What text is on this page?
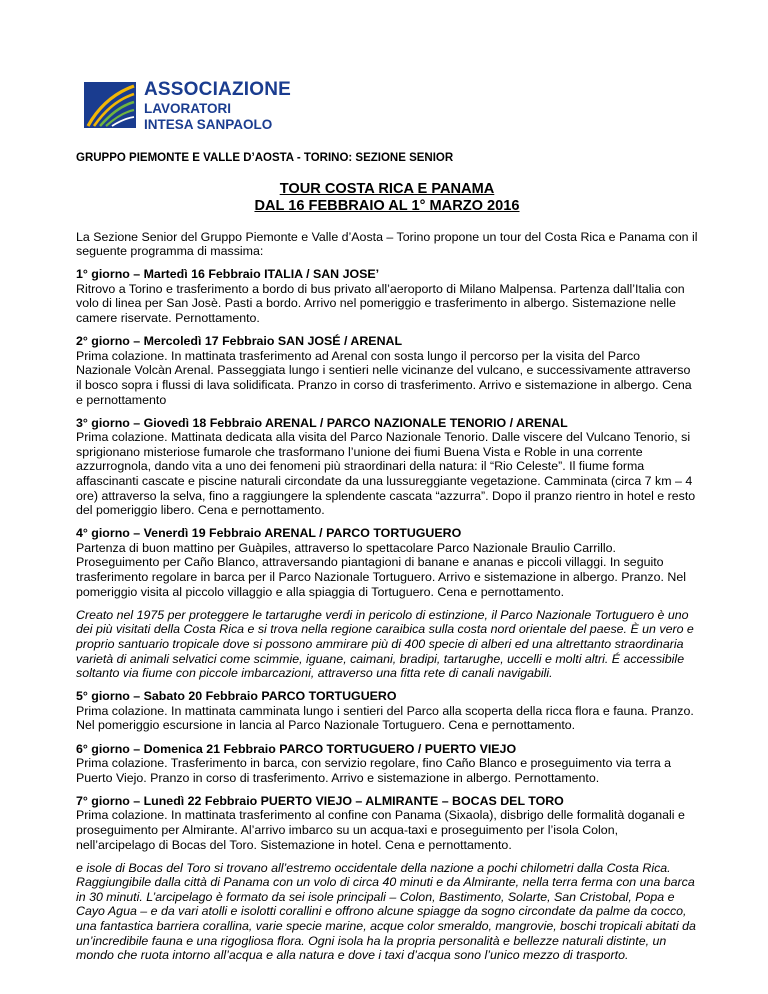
ASSOCIAZIONE
LAVORATORI
INTESA SANPAOLO
GRUPPO PIEMONTE E VALLE D’AOSTA - TORINO: SEZIONE SENIOR
TOUR COSTA RICA E PANAMA
DAL 16 FEBBRAIO AL 1° MARZO 2016

La Sezione Senior del Gruppo Piemonte e Valle d’Aosta – Torino propone un tour del Costa Rica e Panama con il seguente programma di massima:

1° giorno – Martedì 16 Febbraio ITALIA / SAN JOSE’
Ritrovo a Torino e trasferimento a bordo di bus privato all’aeroporto di Milano Malpensa. Partenza dall’Italia con volo di linea per San Josè. Pasti a bordo. Arrivo nel pomeriggio e trasferimento in albergo. Sistemazione nelle camere riservate. Pernottamento.

2° giorno – Mercoledì 17 Febbraio SAN JOSÉ / ARENAL
Prima colazione. In mattinata trasferimento ad Arenal con sosta lungo il percorso per la visita del Parco Nazionale Volcàn Arenal. Passeggiata lungo i sentieri nelle vicinanze del vulcano, e successivamente attraverso il bosco sopra i flussi di lava solidificata. Pranzo in corso di trasferimento. Arrivo e sistemazione in albergo. Cena e pernottamento

3° giorno – Giovedì 18 Febbraio ARENAL / PARCO NAZIONALE TENORIO / ARENAL
Prima colazione. Mattinata dedicata alla visita del Parco Nazionale Tenorio. Dalle viscere del Vulcano Tenorio, si sprigionano misteriose fumarole che trasformano l’unione dei fiumi Buena Vista e Roble in una corrente azzurrognola, dando vita a uno dei fenomeni più straordinari della natura: il “Rio Celeste”. Il fiume forma affascinanti cascate e piscine naturali circondate da una lussureggiante vegetazione. Camminata (circa 7 km – 4 ore) attraverso la selva, fino a raggiungere la splendente cascata “azzurra”. Dopo il pranzo rientro in hotel e resto del pomeriggio libero. Cena e pernottamento.

4° giorno – Venerdì 19 Febbraio ARENAL / PARCO TORTUGUERO
Partenza di buon mattino per Guàpiles, attraverso lo spettacolare Parco Nazionale Braulio Carrillo. Proseguimento per Caño Blanco, attraversando piantagioni di banane e ananas e piccoli villaggi. In seguito trasferimento regolare in barca per il Parco Nazionale Tortuguero. Arrivo e sistemazione in albergo. Pranzo. Nel pomeriggio visita al piccolo villaggio e alla spiaggia di Tortuguero. Cena e pernottamento.

Creato nel 1975 per proteggere le tartarughe verdi in pericolo di estinzione, il Parco Nazionale Tortuguero è uno dei più visitati della Costa Rica e si trova nella regione caraibica sulla costa nord orientale del paese. È un vero e proprio santuario tropicale dove si possono ammirare più di 400 specie di alberi ed una altrettanto straordinaria varietà di animali selvatici come scimmie, iguane, caimani, bradipi, tartarughe, uccelli e molti altri. É accessibile soltanto via fiume con piccole imbarcazioni, attraverso una fitta rete di canali navigabili.

5° giorno – Sabato 20 Febbraio PARCO TORTUGUERO
Prima colazione. In mattinata camminata lungo i sentieri del Parco alla scoperta della ricca flora e fauna. Pranzo. Nel pomeriggio escursione in lancia al Parco Nazionale Tortuguero. Cena e pernottamento.

6° giorno – Domenica 21 Febbraio PARCO TORTUGUERO / PUERTO VIEJO
Prima colazione. Trasferimento in barca, con servizio regolare, fino Caño Blanco e proseguimento via terra a Puerto Viejo. Pranzo in corso di trasferimento. Arrivo e sistemazione in albergo. Pernottamento.

7° giorno – Lunedì 22 Febbraio PUERTO VIEJO – ALMIRANTE – BOCAS DEL TORO
Prima colazione. In mattinata trasferimento al confine con Panama (Sixaola), disbrigo delle formalità doganali e proseguimento per Almirante. Al’arrivo imbarco su un acqua-taxi e proseguimento per l’isola Colon, nell’arcipelago di Bocas del Toro. Sistemazione in hotel. Cena e pernottamento.

e isole di Bocas del Toro si trovano all’estremo occidentale della nazione a pochi chilometri dalla Costa Rica. Raggiungibile dalla città di Panama con un volo di circa 40 minuti e da Almirante, nella terra ferma con una barca in 30 minuti. L’arcipelago è formato da sei isole principali – Colon, Bastimento, Solarte, San Cristobal, Popa e Cayo Agua – e da vari atolli e isolotti corallini e offrono alcune spiagge da sogno circondate da palme da cocco, una fantastica barriera corallina, varie specie marine, acque color smeraldo, mangrovie, boschi tropicali abitati da un’incredibile fauna e una rigogliosa flora. Ogni isola ha la propria personalità e bellezze naturali distinte, un mondo che ruota intorno all’acqua e alla natura e dove i taxi d’acqua sono l’unico mezzo di trasporto.
